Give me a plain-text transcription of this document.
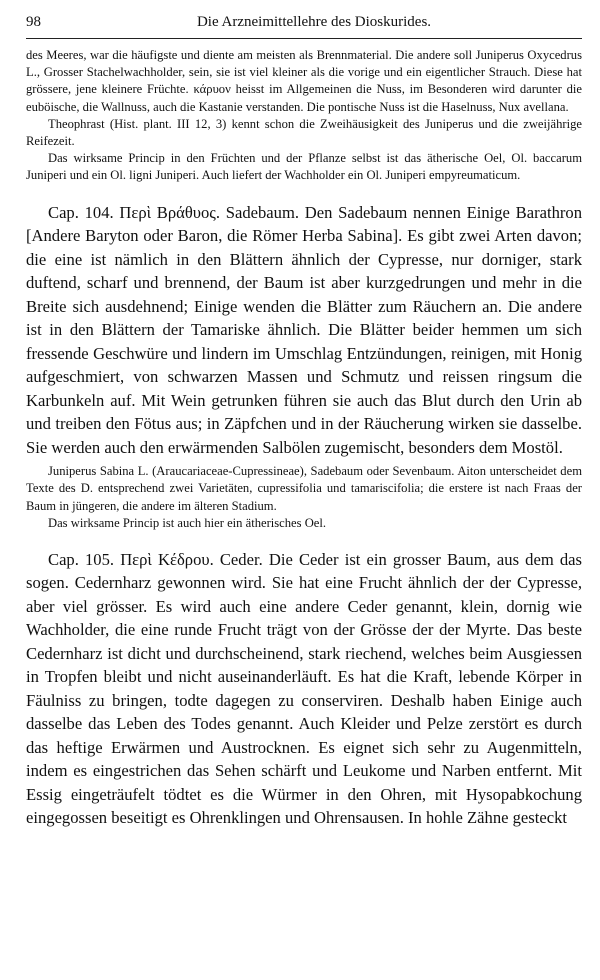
98	Die Arzneimittellehre des Dioskurides.

des Meeres, war die häufigste und diente am meisten als Brennmaterial. Die andere soll Juniperus Oxycedrus L., Grosser Stachelwachholder, sein, sie ist viel kleiner als die vorige und ein eigentlicher Strauch. Diese hat grössere, jene kleinere Früchte. κάρυον heisst im Allgemeinen die Nuss, im Besonderen wird darunter die euböische, die Wallnuss, auch die Kastanie verstanden. Die pontische Nuss ist die Haselnuss, Nux avellana.

Theophrast (Hist. plant. III 12, 3) kennt schon die Zweihäusigkeit des Juniperus und die zweijährige Reifezeit.

Das wirksame Princip in den Früchten und der Pflanze selbst ist das ätherische Oel, Ol. baccarum Juniperi und ein Ol. ligni Juniperi. Auch liefert der Wachholder ein Ol. Juniperi empyreumaticum.

Cap. 104. Περὶ Βράθυος. Sadebaum. Den Sadebaum nennen Einige Barathron [Andere Baryton oder Baron, die Römer Herba Sabina]. Es gibt zwei Arten davon; die eine ist nämlich in den Blättern ähnlich der Cypresse, nur dorniger, stark duftend, scharf und brennend, der Baum ist aber kurzgedrungen und mehr in die Breite sich ausdehnend; Einige wenden die Blätter zum Räuchern an. Die andere ist in den Blättern der Tamariske ähnlich. Die Blätter beider hemmen um sich fressende Geschwüre und lindern im Umschlag Entzündungen, reinigen, mit Honig aufgeschmiert, von schwarzen Massen und Schmutz und reissen ringsum die Karbunkeln auf. Mit Wein getrunken führen sie auch das Blut durch den Urin ab und treiben den Fötus aus; in Zäpfchen und in der Räucherung wirken sie dasselbe. Sie werden auch den erwärmenden Salbölen zugemischt, besonders dem Mostöl.

Juniperus Sabina L. (Araucariaceae-Cupressineae), Sadebaum oder Sevenbaum. Aiton unterscheidet dem Texte des D. entsprechend zwei Varietäten, cupressifolia und tamariscifolia; die erstere ist nach Fraas der Baum in jüngeren, die andere im älteren Stadium.

Das wirksame Princip ist auch hier ein ätherisches Oel.

Cap. 105. Περὶ Κέδρου. Ceder. Die Ceder ist ein grosser Baum, aus dem das sogen. Cedernharz gewonnen wird. Sie hat eine Frucht ähnlich der der Cypresse, aber viel grösser. Es wird auch eine andere Ceder genannt, klein, dornig wie Wachholder, die eine runde Frucht trägt von der Grösse der der Myrte. Das beste Cedernharz ist dicht und durchscheinend, stark riechend, welches beim Ausgiessen in Tropfen bleibt und nicht auseinanderläuft. Es hat die Kraft, lebende Körper in Fäulniss zu bringen, todte dagegen zu conserviren. Deshalb haben Einige auch dasselbe das Leben des Todes genannt. Auch Kleider und Pelze zerstört es durch das heftige Erwärmen und Austrocknen. Es eignet sich sehr zu Augenmitteln, indem es eingestrichen das Sehen schärft und Leukome und Narben entfernt. Mit Essig eingeträufelt tödtet es die Würmer in den Ohren, mit Hysopabkochung eingegossen beseitigt es Ohrenklingen und Ohrensausen. In hohle Zähne gesteckt
